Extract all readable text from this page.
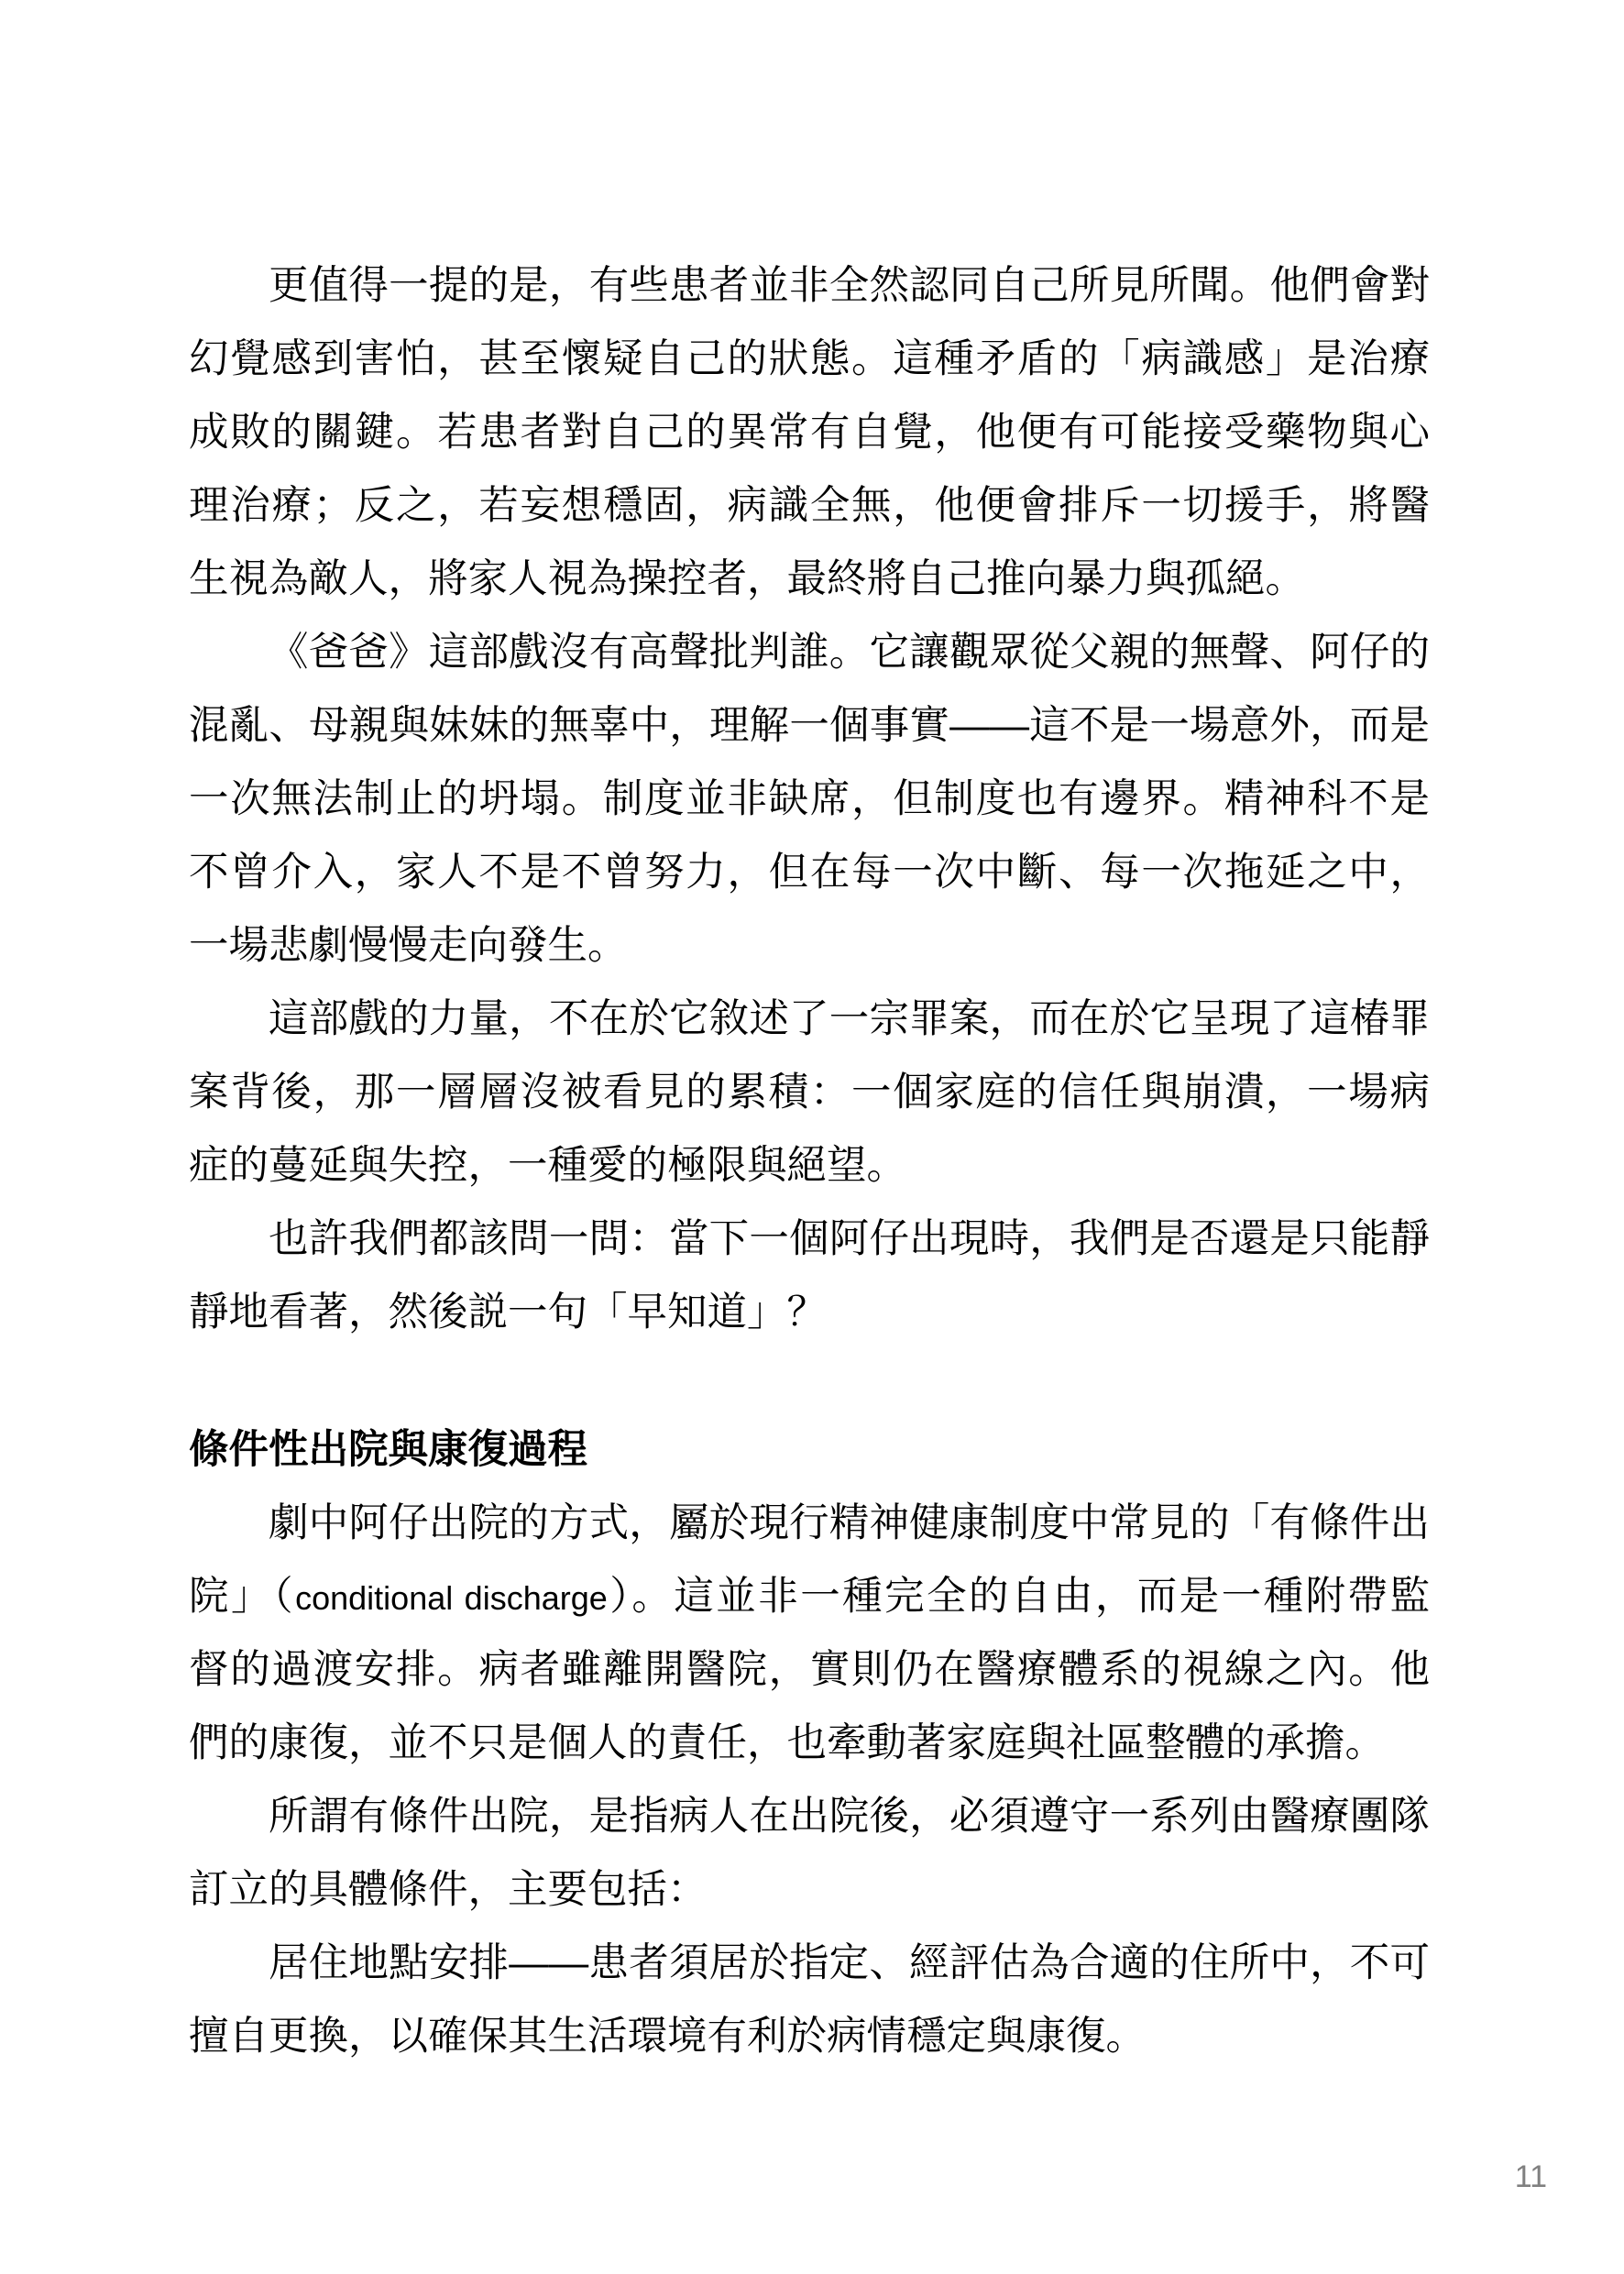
更值得一提的是，有些患者並非全然認同自己所見所聞。他們會對
幻覺感到害怕，甚至懷疑自己的狀態。這種矛盾的「病識感」是治療
成敗的關鍵。若患者對自己的異常有自覺，他便有可能接受藥物與心
理治療；反之，若妄想穩固，病識全無，他便會排斥一切援手，將醫
生視為敵人，將家人視為操控者，最終將自己推向暴力與孤絕。
《爸爸》這部戲沒有高聲批判誰。它讓觀眾從父親的無聲、阿仔的
混亂、母親與妹妹的無辜中，理解一個事實——這不是一場意外，而是
一次無法制止的坍塌。制度並非缺席，但制度也有邊界。精神科不是
不曾介入，家人不是不曾努力，但在每一次中斷、每一次拖延之中，
一場悲劇慢慢走向發生。
這部戲的力量，不在於它敘述了一宗罪案，而在於它呈現了這椿罪
案背後，那一層層沒被看見的累積：一個家庭的信任與崩潰，一場病
症的蔓延與失控，一種愛的極限與絕望。
也許我們都該問一問：當下一個阿仔出現時，我們是否還是只能靜
靜地看著，然後説一句「早知道」？
條件性出院與康復過程
劇中阿仔出院的方式，屬於現行精神健康制度中常見的「有條件出
院」（conditional discharge）。這並非一種完全的自由，而是一種附帶監
督的過渡安排。病者雖離開醫院，實則仍在醫療體系的視線之內。他
們的康復，並不只是個人的責任，也牽動著家庭與社區整體的承擔。
所謂有條件出院，是指病人在出院後，必須遵守一系列由醫療團隊
訂立的具體條件，主要包括：
居住地點安排——患者須居於指定、經評估為合適的住所中，不可
擅自更換，以確保其生活環境有利於病情穩定與康復。
11
